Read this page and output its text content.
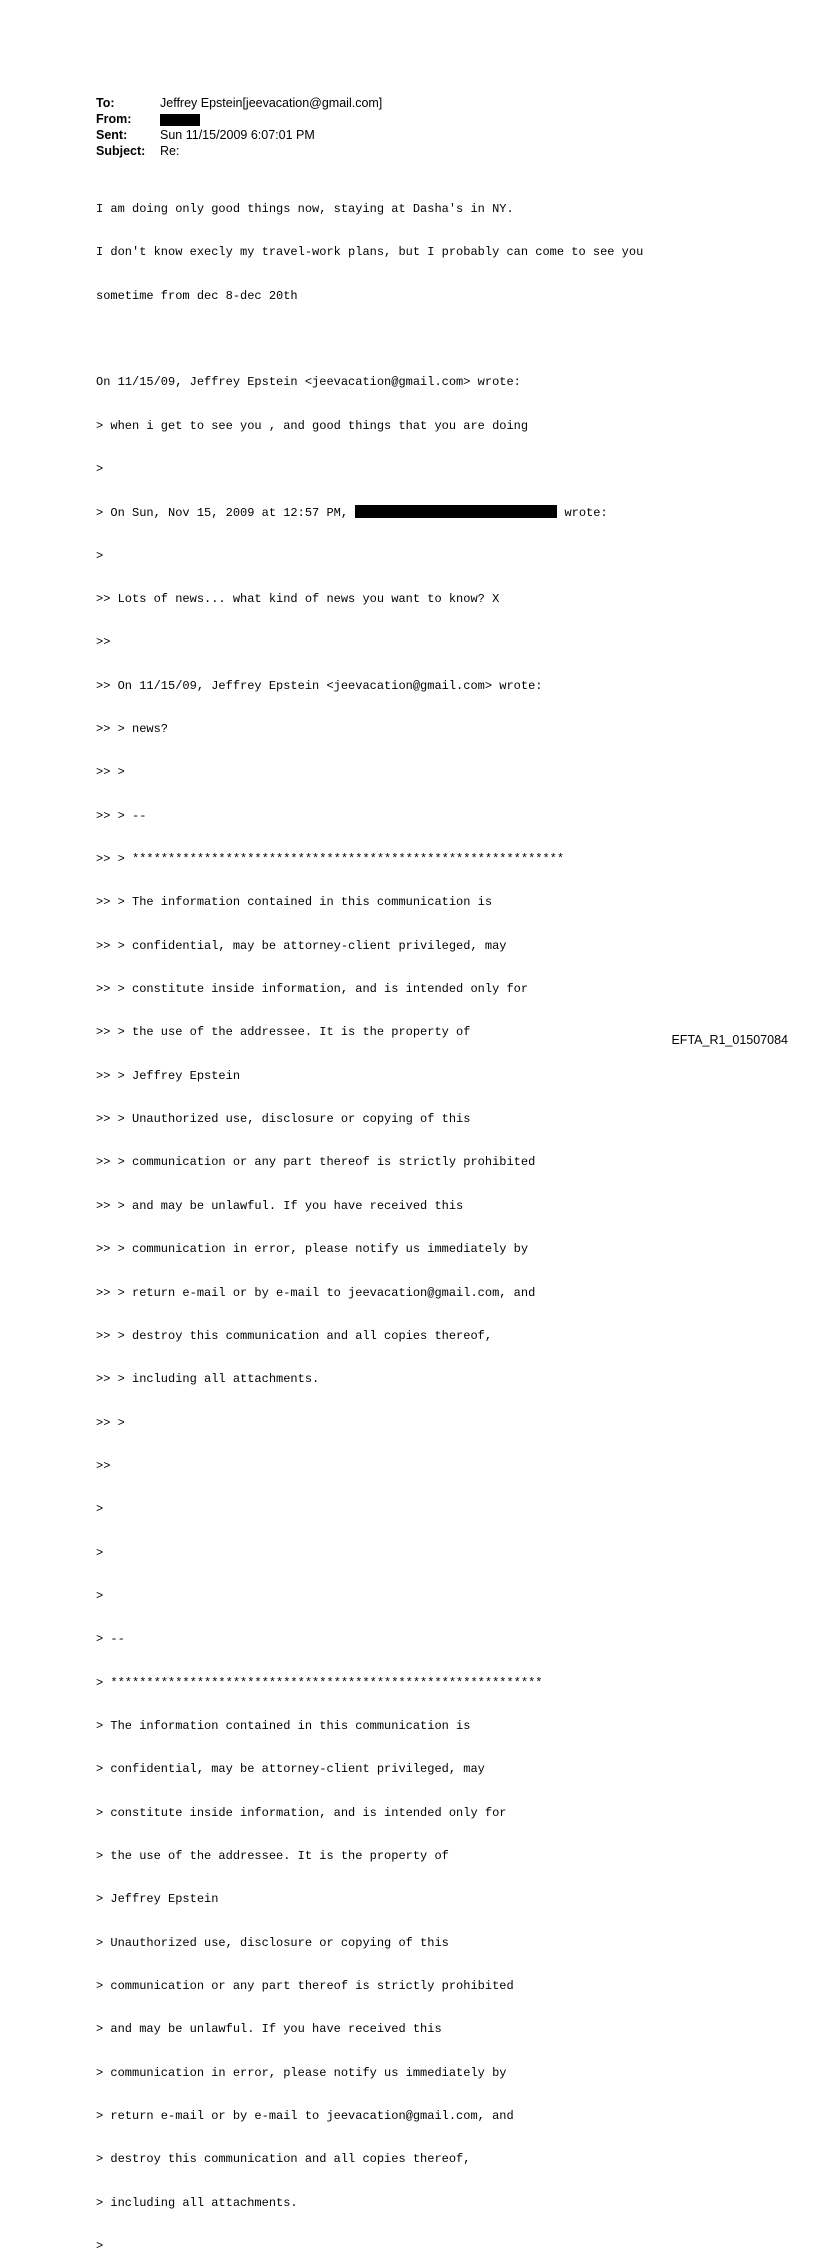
To:	Jeffrey Epstein[jeevacation@gmail.com]
From:
Sent:	Sun 11/15/2009 6:07:01 PM
Subject:	Re:

I am doing only good things now, staying at Dasha's in NY.

I don't know execly my travel-work plans, but I probably can come to see you

sometime from dec 8-dec 20th

On 11/15/09, Jeffrey Epstein <jeevacation@gmail.com> wrote:

> when i get to see you , and good things that you are doing

>

> On Sun, Nov 15, 2009 at 12:57 PM,	wrote:

>

>> Lots of news... what kind of news you want to know? X

>>

>> On 11/15/09, Jeffrey Epstein <jeevacation@gmail.com> wrote:

>> > news?

>> >

>> > --

>> > ************************************************************

>> > The information contained in this communication is

>> > confidential, may be attorney-client privileged, may

>> > constitute inside information, and is intended only for

>> > the use of the addressee. It is the property of

>> > Jeffrey Epstein

>> > Unauthorized use, disclosure or copying of this

>> > communication or any part thereof is strictly prohibited

>> > and may be unlawful. If you have received this

>> > communication in error, please notify us immediately by

>> > return e-mail or by e-mail to jeevacation@gmail.com, and

>> > destroy this communication and all copies thereof,

>> > including all attachments.

>> >

>>

>

>

>

> --

> ************************************************************

> The information contained in this communication is

> confidential, may be attorney-client privileged, may

> constitute inside information, and is intended only for

> the use of the addressee. It is the property of

> Jeffrey Epstein

> Unauthorized use, disclosure or copying of this

> communication or any part thereof is strictly prohibited

> and may be unlawful. If you have received this

> communication in error, please notify us immediately by

> return e-mail or by e-mail to jeevacation@gmail.com, and

> destroy this communication and all copies thereof,

> including all attachments.

>

EFTA_R1_01507084
